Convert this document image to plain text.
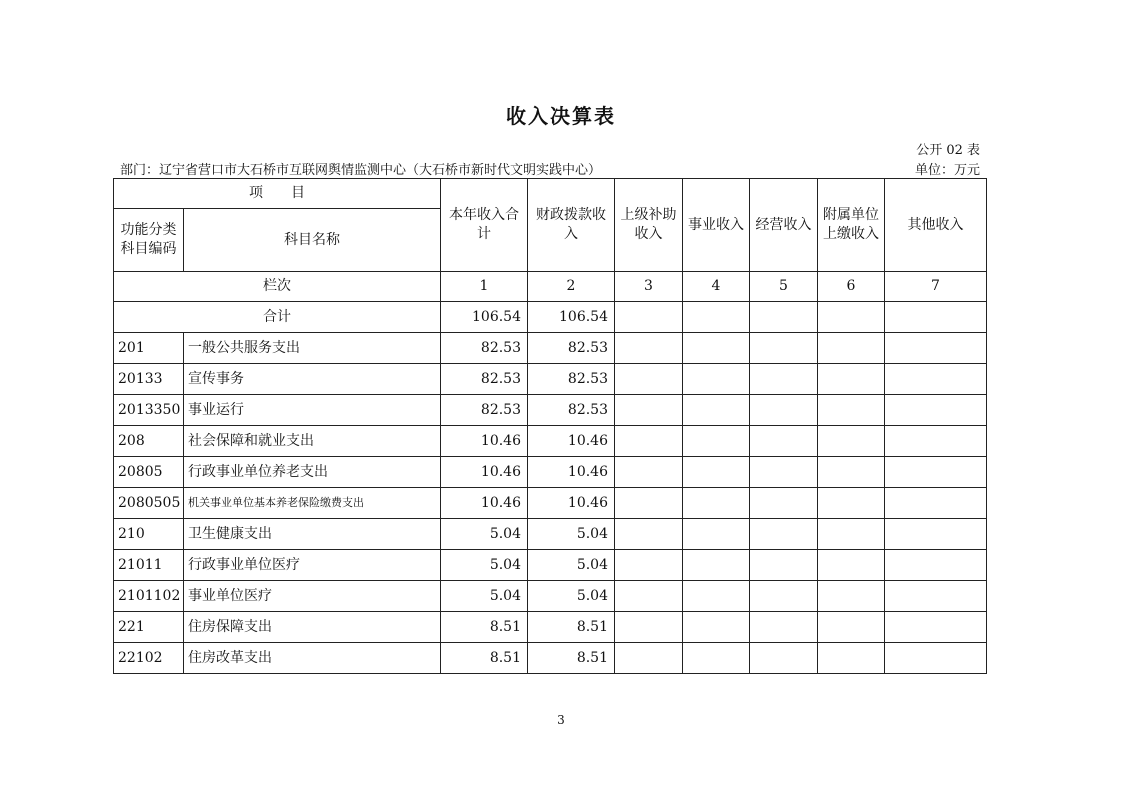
收入决算表
公开 02 表
部门：辽宁省营口市大石桥市互联网舆情监测中心（大石桥市新时代文明实践中心）	单位：万元
项　　目		本年收入合计	财政拨款收入	上级补助收入	事业收入	经营收入	附属单位上缴收入	其他收入
功能分类科目编码	科目名称							
栏次		1	2	3	4	5	6	7
合计		106.54	106.54					
201	一般公共服务支出	82.53	82.53					
20133	宣传事务	82.53	82.53					
2013350	事业运行	82.53	82.53					
208	社会保障和就业支出	10.46	10.46					
20805	行政事业单位养老支出	10.46	10.46					
2080505	机关事业单位基本养老保险缴费支出	10.46	10.46					
210	卫生健康支出	5.04	5.04					
21011	行政事业单位医疗	5.04	5.04					
2101102	事业单位医疗	5.04	5.04					
221	住房保障支出	8.51	8.51					
22102	住房改革支出	8.51	8.51					
3
